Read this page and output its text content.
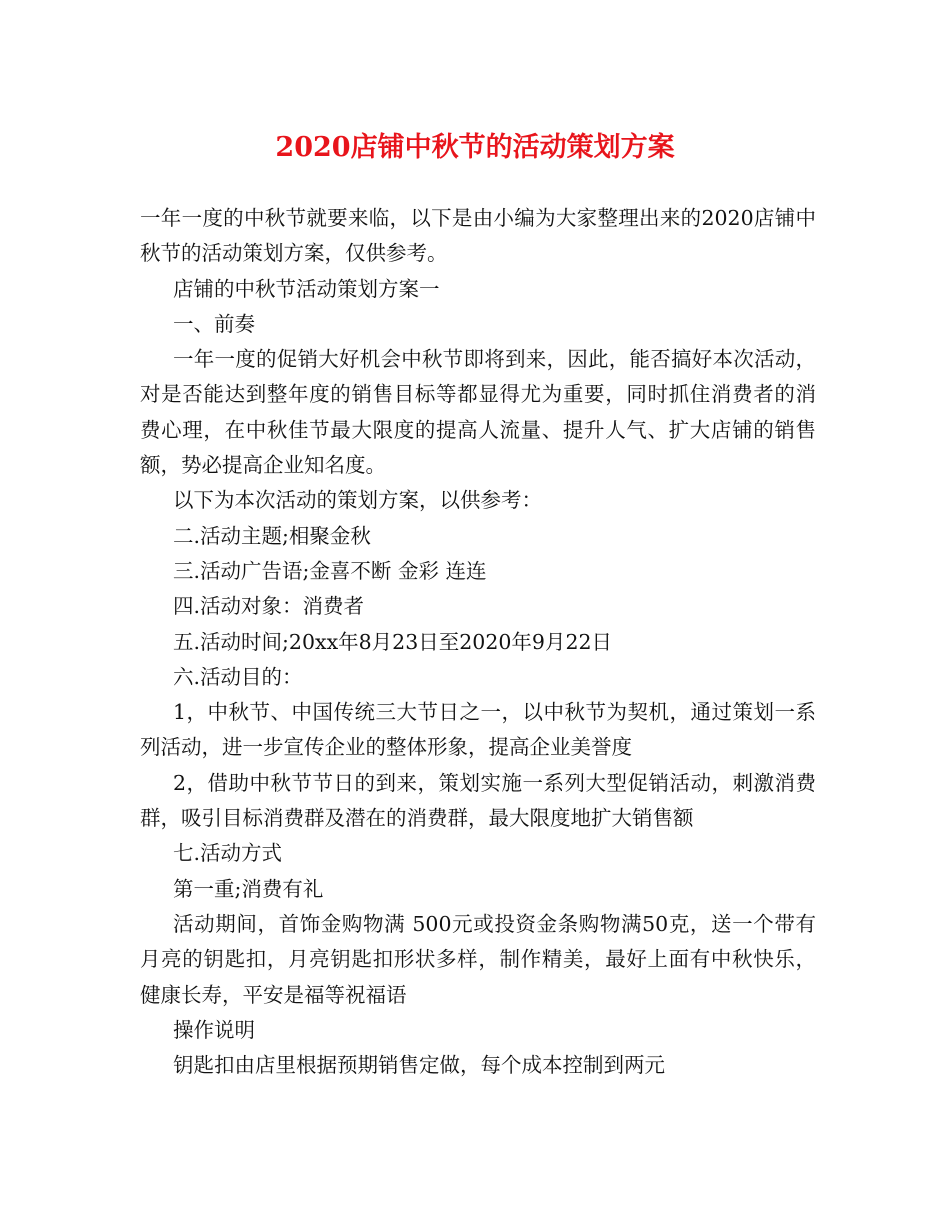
2020店铺中秋节的活动策划方案

一年一度的中秋节就要来临，以下是由小编为大家整理出来的2020店铺中秋节的活动策划方案，仅供参考。

店铺的中秋节活动策划方案一

一、前奏

一年一度的促销大好机会中秋节即将到来，因此，能否搞好本次活动，对是否能达到整年度的销售目标等都显得尤为重要，同时抓住消费者的消费心理，在中秋佳节最大限度的提高人流量、提升人气、扩大店铺的销售额，势必提高企业知名度。

以下为本次活动的策划方案，以供参考：

二.活动主题;相聚金秋

三.活动广告语;金喜不断 金彩 连连

四.活动对象：消费者

五.活动时间;20xx年8月23日至2020年9月22日

六.活动目的：

1，中秋节、中国传统三大节日之一，以中秋节为契机，通过策划一系列活动，进一步宣传企业的整体形象，提高企业美誉度

2，借助中秋节节日的到来，策划实施一系列大型促销活动，刺激消费群，吸引目标消费群及潜在的消费群，最大限度地扩大销售额

七.活动方式

第一重;消费有礼

活动期间，首饰金购物满 500元或投资金条购物满50克，送一个带有月亮的钥匙扣，月亮钥匙扣形状多样，制作精美，最好上面有中秋快乐，健康长寿，平安是福等祝福语

操作说明

钥匙扣由店里根据预期销售定做，每个成本控制到两元
